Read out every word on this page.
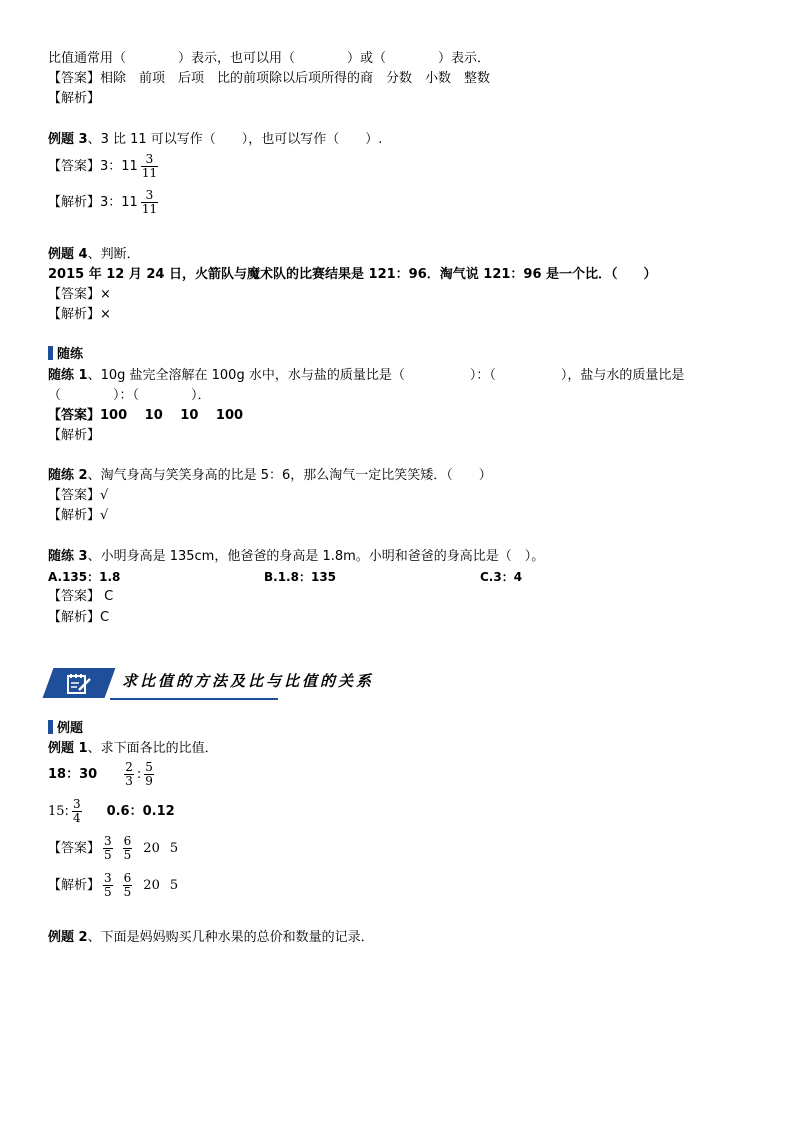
比值通常用（　　　　）表示，也可以用（　　　　）或（　　　　）表示．
【答案】相除　前项　后项　比的前项除以后项所得的商　分数　小数　整数
【解析】
例题 3、3 比 11 可以写作（　　），也可以写作（　　）.
【答案】3：$11 \frac{3}{11}$
【解析】3：$11 \frac{3}{11}$
例题 4、判断．
2015 年 12 月 24 日，火箭队与魔术队的比赛结果是 121：96．淘气说 121：96 是一个比．（　　）
【答案】×
【解析】×
随练
随练 1、10g 盐完全溶解在 100g 水中，水与盐的质量比是（　　　　　）：（　　　　　），盐与水的质量比是
（　　　　）：（　　　　）．
【答案】100　 10　 10　 100
【解析】
随练 2、淘气身高与笑笑身高的比是 5：6，那么淘气一定比笑笑矮．（　　）
【答案】√
【解析】√
随练 3、小明身高是 135cm，他爸爸的身高是 1.8m。小明和爸爸的身高比是（　）。
A.135：1.8	B.1.8：135	C.3：4
【答案】 C
【解析】C
求比值的方法及比与比值的关系
例题
例题 1、求下面各比的比值．
18：$30 \frac{2}{3}$ : $\frac{5}{9}$
15: $\frac{3}{4} 0.6$：0.12
【答案】 $\frac{3}{5} \frac{6}{5} 20$ 5
【解析】 $\frac{3}{5} \frac{6}{5} 20$ 5
例题 2、下面是妈妈购买几种水果的总价和数量的记录．
